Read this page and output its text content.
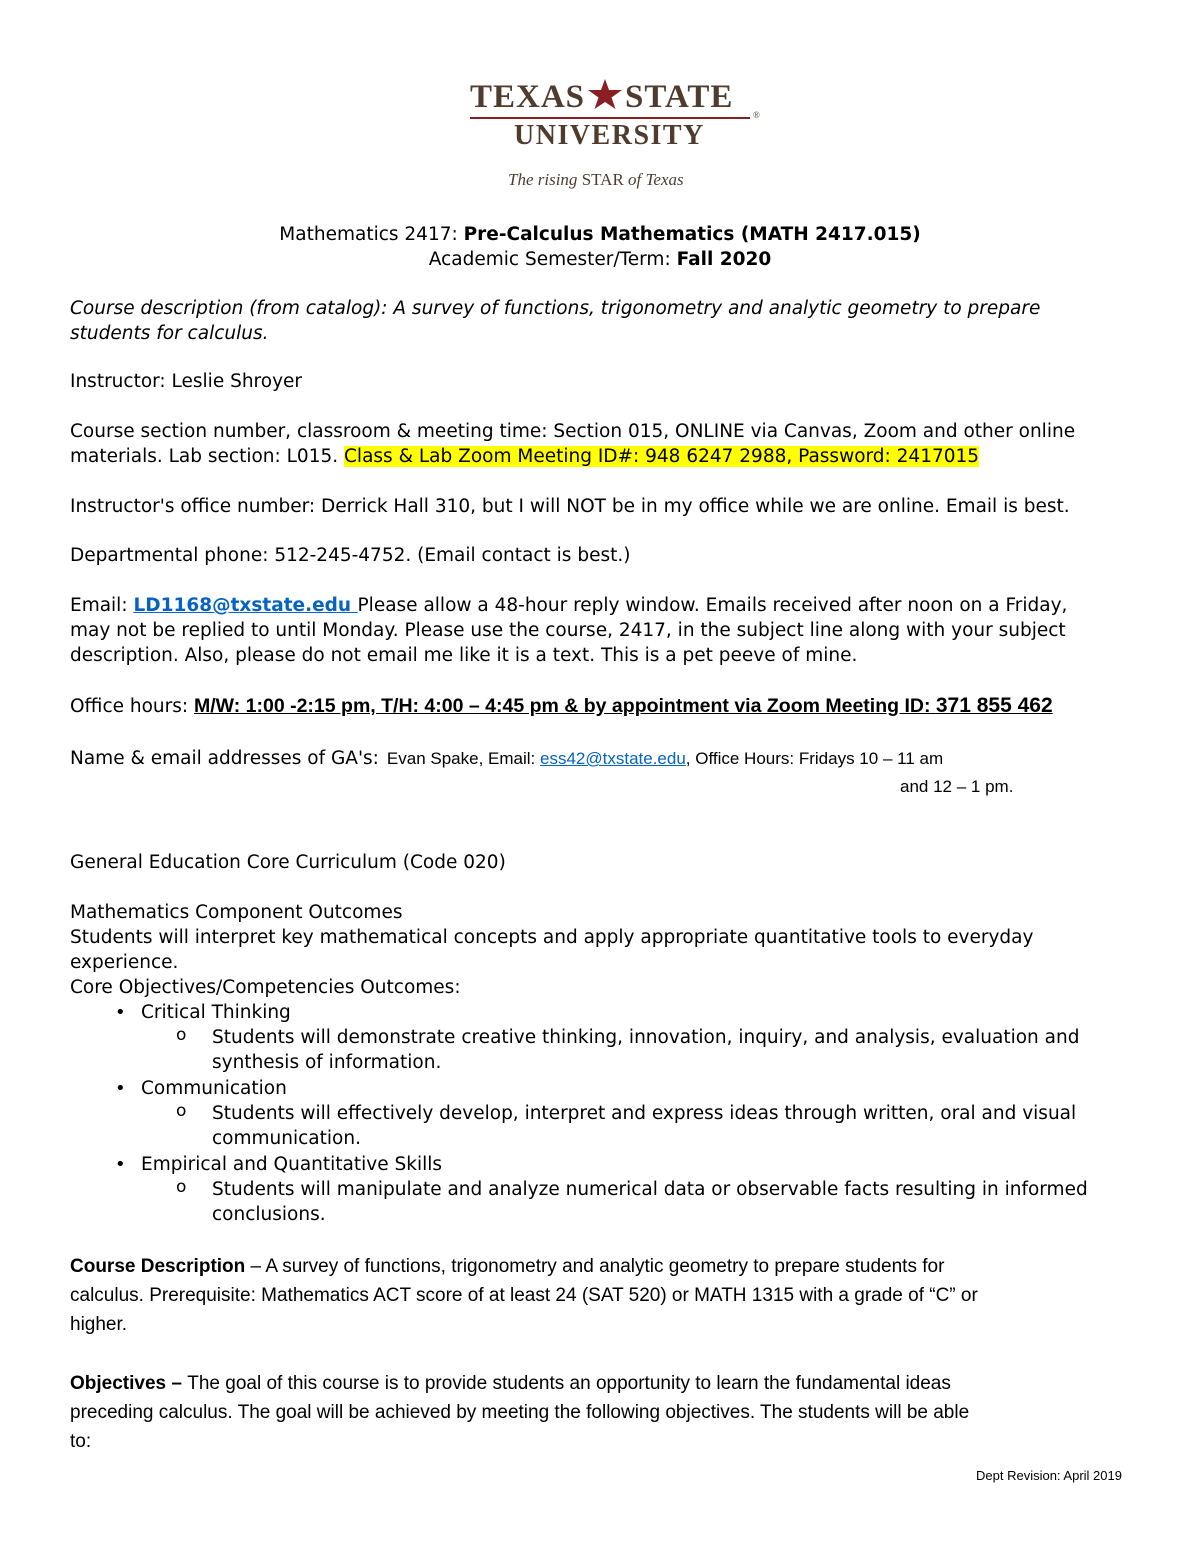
TEXAS STATE ®
UNIVERSITY
The rising STAR of Texas
Mathematics 2417: Pre-Calculus Mathematics (MATH 2417.015)
Academic Semester/Term: Fall 2020
Course description (from catalog): A survey of functions, trigonometry and analytic geometry to prepare
students for calculus.
Instructor: Leslie Shroyer
Course section number, classroom & meeting time: Section 015, ONLINE via Canvas, Zoom and other online
materials. Lab section: L015. Class & Lab Zoom Meeting ID#: 948 6247 2988, Password: 2417015
Instructor's office number: Derrick Hall 310, but I will NOT be in my office while we are online. Email is best.
Departmental phone: 512-245-4752. (Email contact is best.)
Email: LD1168@txstate.edu Please allow a 48-hour reply window. Emails received after noon on a Friday,
may not be replied to until Monday. Please use the course, 2417, in the subject line along with your subject
description. Also, please do not email me like it is a text. This is a pet peeve of mine.
Office hours: M/W: 1:00 -2:15 pm, T/H: 4:00 – 4:45 pm & by appointment via Zoom Meeting ID: 371 855 462
Name & email addresses of GA's: Evan Spake, Email: ess42@txstate.edu, Office Hours: Fridays 10 – 11 am
and 12 – 1 pm.
General Education Core Curriculum (Code 020)
Mathematics Component Outcomes
Students will interpret key mathematical concepts and apply appropriate quantitative tools to everyday
experience.
Core Objectives/Competencies Outcomes:
• Critical Thinking
o Students will demonstrate creative thinking, innovation, inquiry, and analysis, evaluation and
synthesis of information.
• Communication
o Students will effectively develop, interpret and express ideas through written, oral and visual
communication.
• Empirical and Quantitative Skills
o Students will manipulate and analyze numerical data or observable facts resulting in informed
conclusions.
Course Description – A survey of functions, trigonometry and analytic geometry to prepare students for
calculus. Prerequisite: Mathematics ACT score of at least 24 (SAT 520) or MATH 1315 with a grade of “C” or
higher.
Objectives – The goal of this course is to provide students an opportunity to learn the fundamental ideas
preceding calculus. The goal will be achieved by meeting the following objectives. The students will be able
to:
Dept Revision: April 2019
